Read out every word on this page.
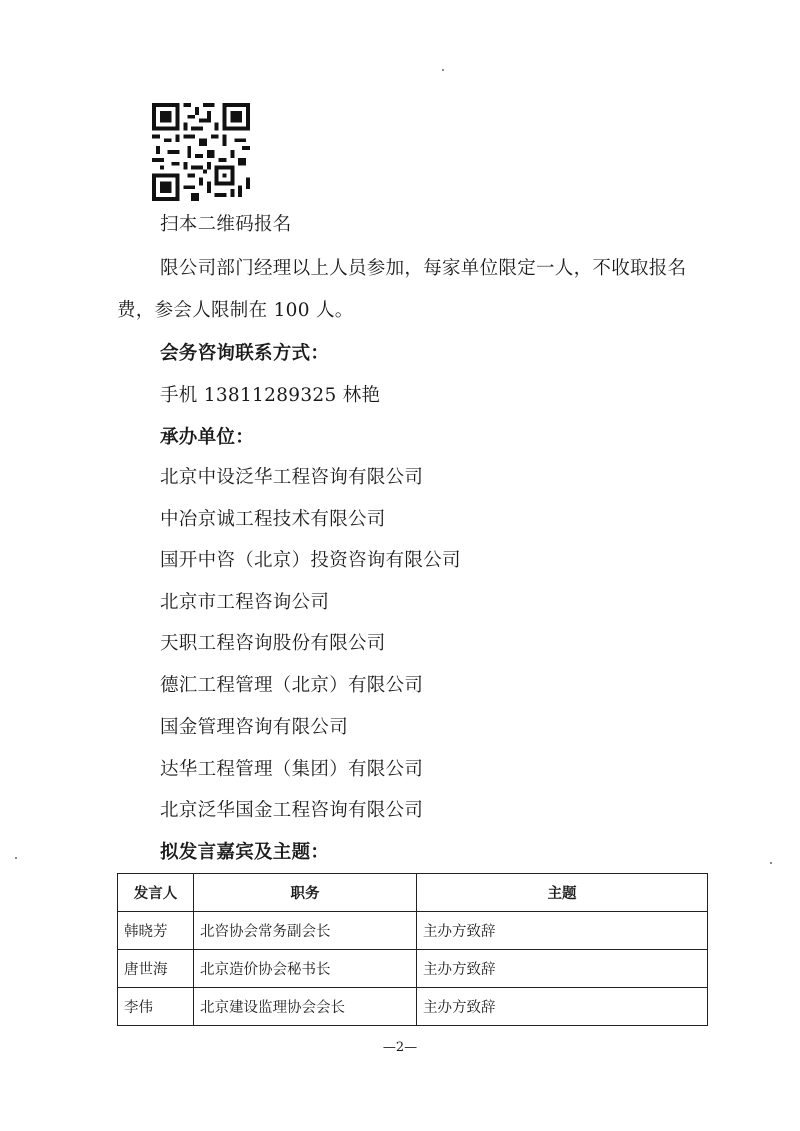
扫本二维码报名
限公司部门经理以上人员参加，每家单位限定一人，不收取报名
费，参会人限制在 100 人。
会务咨询联系方式：
手机 13811289325 林艳
承办单位：
北京中设泛华工程咨询有限公司
中冶京诚工程技术有限公司
国开中咨（北京）投资咨询有限公司
北京市工程咨询公司
天职工程咨询股份有限公司
德汇工程管理（北京）有限公司
国金管理咨询有限公司
达华工程管理（集团）有限公司
北京泛华国金工程咨询有限公司
拟发言嘉宾及主题：
发言人	职务	主题
韩晓芳	北咨协会常务副会长	主办方致辞
唐世海	北京造价协会秘书长	主办方致辞
李伟	北京建设监理协会会长	主办方致辞
—2—
